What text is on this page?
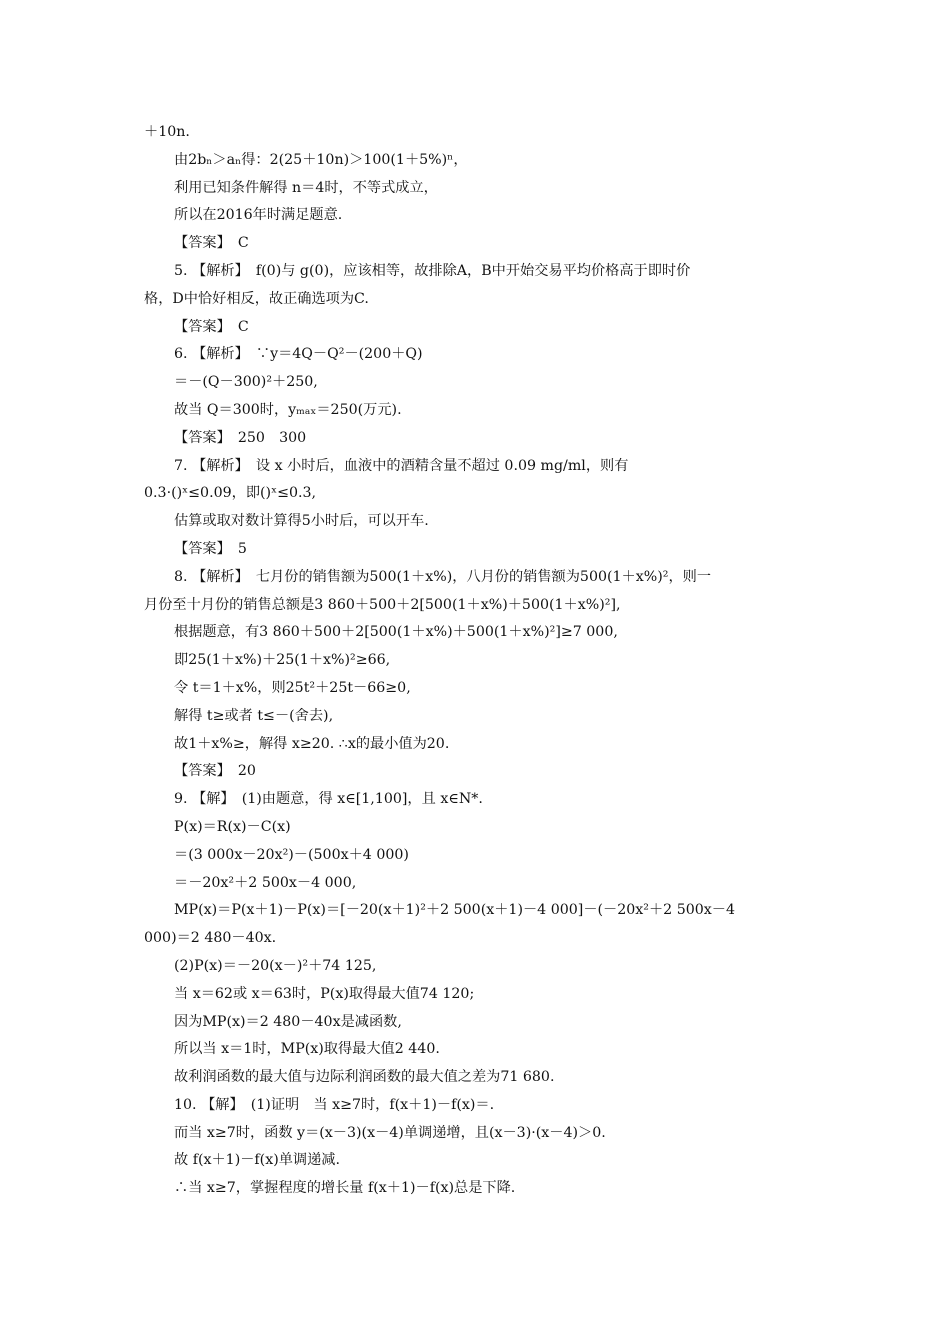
＋10n.
由2bₙ＞aₙ得：2(25＋10n)＞100(1＋5%)ⁿ，
利用已知条件解得 n＝4时，不等式成立，
所以在2016年时满足题意.
【答案】　C
5. 【解析】　f(0)与 g(0)，应该相等，故排除A，B中开始交易平均价格高于即时价
格，D中恰好相反，故正确选项为C.
【答案】　C
6. 【解析】　∵y＝4Q－Q²－(200＋Q)
＝－(Q－300)²＋250,
故当 Q＝300时，yₘₐₓ＝250(万元).
【答案】　250　300
7. 【解析】　设 x 小时后，血液中的酒精含量不超过 0.09 mg/ml，则有
0.3·()ˣ≤0.09，即()ˣ≤0.3,
估算或取对数计算得5小时后，可以开车.
【答案】　5
8. 【解析】　七月份的销售额为500(1＋x%)，八月份的销售额为500(1＋x%)²，则一
月份至十月份的销售总额是3 860＋500＋2[500(1＋x%)＋500(1＋x%)²],
根据题意，有3 860＋500＋2[500(1＋x%)＋500(1＋x%)²]≥7 000,
即25(1＋x%)＋25(1＋x%)²≥66,
令 t＝1＋x%，则25t²＋25t－66≥0,
解得 t≥或者 t≤－(舍去),
故1＋x%≥，解得 x≥20. ∴x的最小值为20.
【答案】　20
9. 【解】　(1)由题意，得 x∈[1,100]，且 x∈N*.
P(x)＝R(x)－C(x)
＝(3 000x－20x²)－(500x＋4 000)
＝－20x²＋2 500x－4 000,
MP(x)＝P(x＋1)－P(x)＝[－20(x＋1)²＋2 500(x＋1)－4 000]－(－20x²＋2 500x－4
000)＝2 480－40x.
(2)P(x)＝－20(x－)²＋74 125,
当 x＝62或 x＝63时，P(x)取得最大值74 120;
因为MP(x)＝2 480－40x是减函数,
所以当 x＝1时，MP(x)取得最大值2 440.
故利润函数的最大值与边际利润函数的最大值之差为71 680.
10. 【解】　(1)证明　当 x≥7时，f(x＋1)－f(x)＝.
而当 x≥7时，函数 y＝(x－3)(x－4)单调递增，且(x－3)·(x－4)＞0.
故 f(x＋1)－f(x)单调递减.
∴当 x≥7，掌握程度的增长量 f(x＋1)－f(x)总是下降.
